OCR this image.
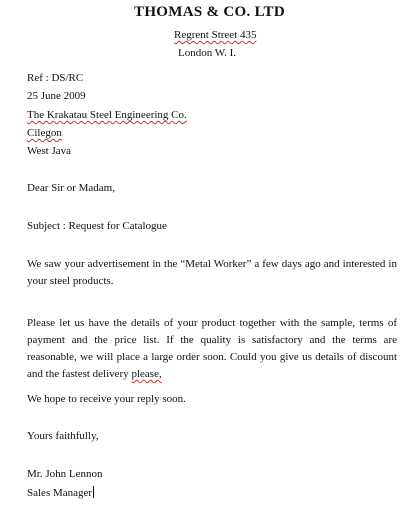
THOMAS & CO. LTD
Regrent Street 435
London W. I.
Ref : DS/RC
25 June 2009
The Krakatau Steel Engineering Co.
Cilegon
West Java
Dear Sir or Madam,
Subject : Request for Catalogue
We saw your advertisement in the “Metal Worker” a few days ago and interested in your steel products.
Please let us have the details of your product together with the sample, terms of payment and the price list. If the quality is satisfactory and the terms are reasonable, we will place a large order soon. Could you give us details of discount and the fastest delivery please,
We hope to receive your reply soon.
Yours faithfully,
Mr. John Lennon
Sales Manager
